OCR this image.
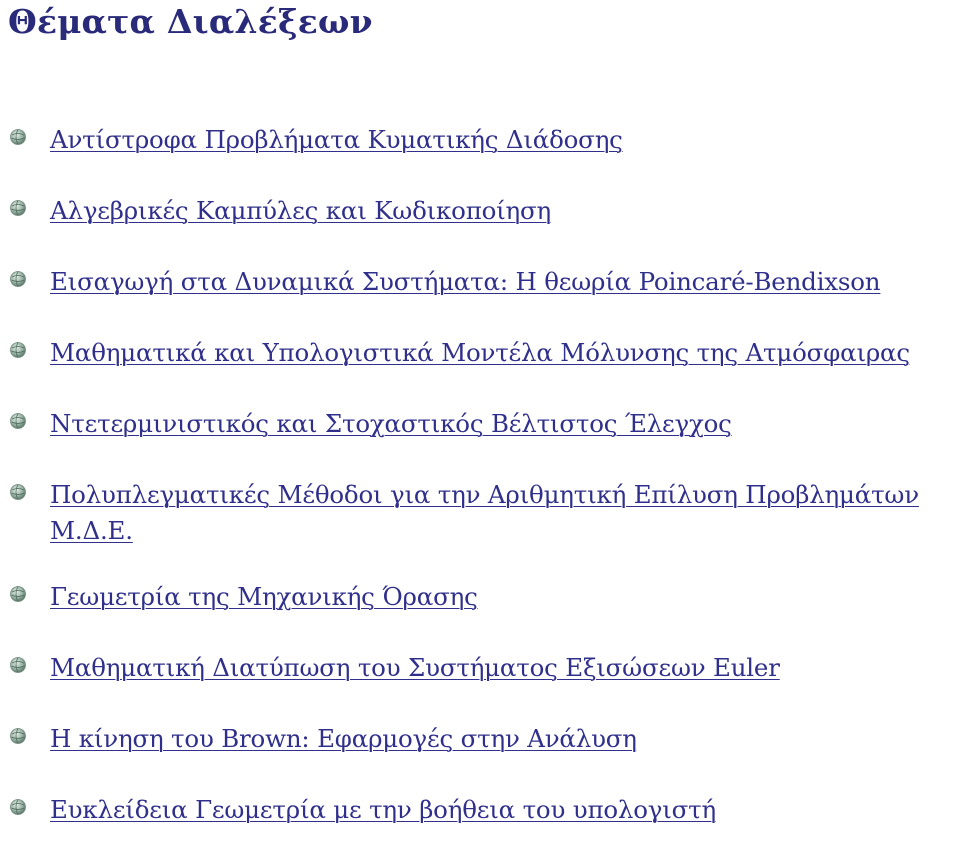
Θέματα Διαλέξεων
Αντίστροφα Προβλήματα Κυματικής Διάδοσης
Αλγεβρικές Καμπύλες και Κωδικοποίηση
Εισαγωγή στα Δυναμικά Συστήματα: Η θεωρία Poincaré-Bendixson
Μαθηματικά και Υπολογιστικά Μοντέλα Μόλυνσης της Ατμόσφαιρας
Ντετερμινιστικός και Στοχαστικός Βέλτιστος Έλεγχος
Πολυπλεγματικές Μέθοδοι για την Αριθμητική Επίλυση Προβλημάτων Μ.Δ.Ε.
Γεωμετρία της Μηχανικής Όρασης
Μαθηματική Διατύπωση του Συστήματος Εξισώσεων Euler
Η κίνηση του Brown: Εφαρμογές στην Ανάλυση
Ευκλείδεια Γεωμετρία με την βοήθεια του υπολογιστή
